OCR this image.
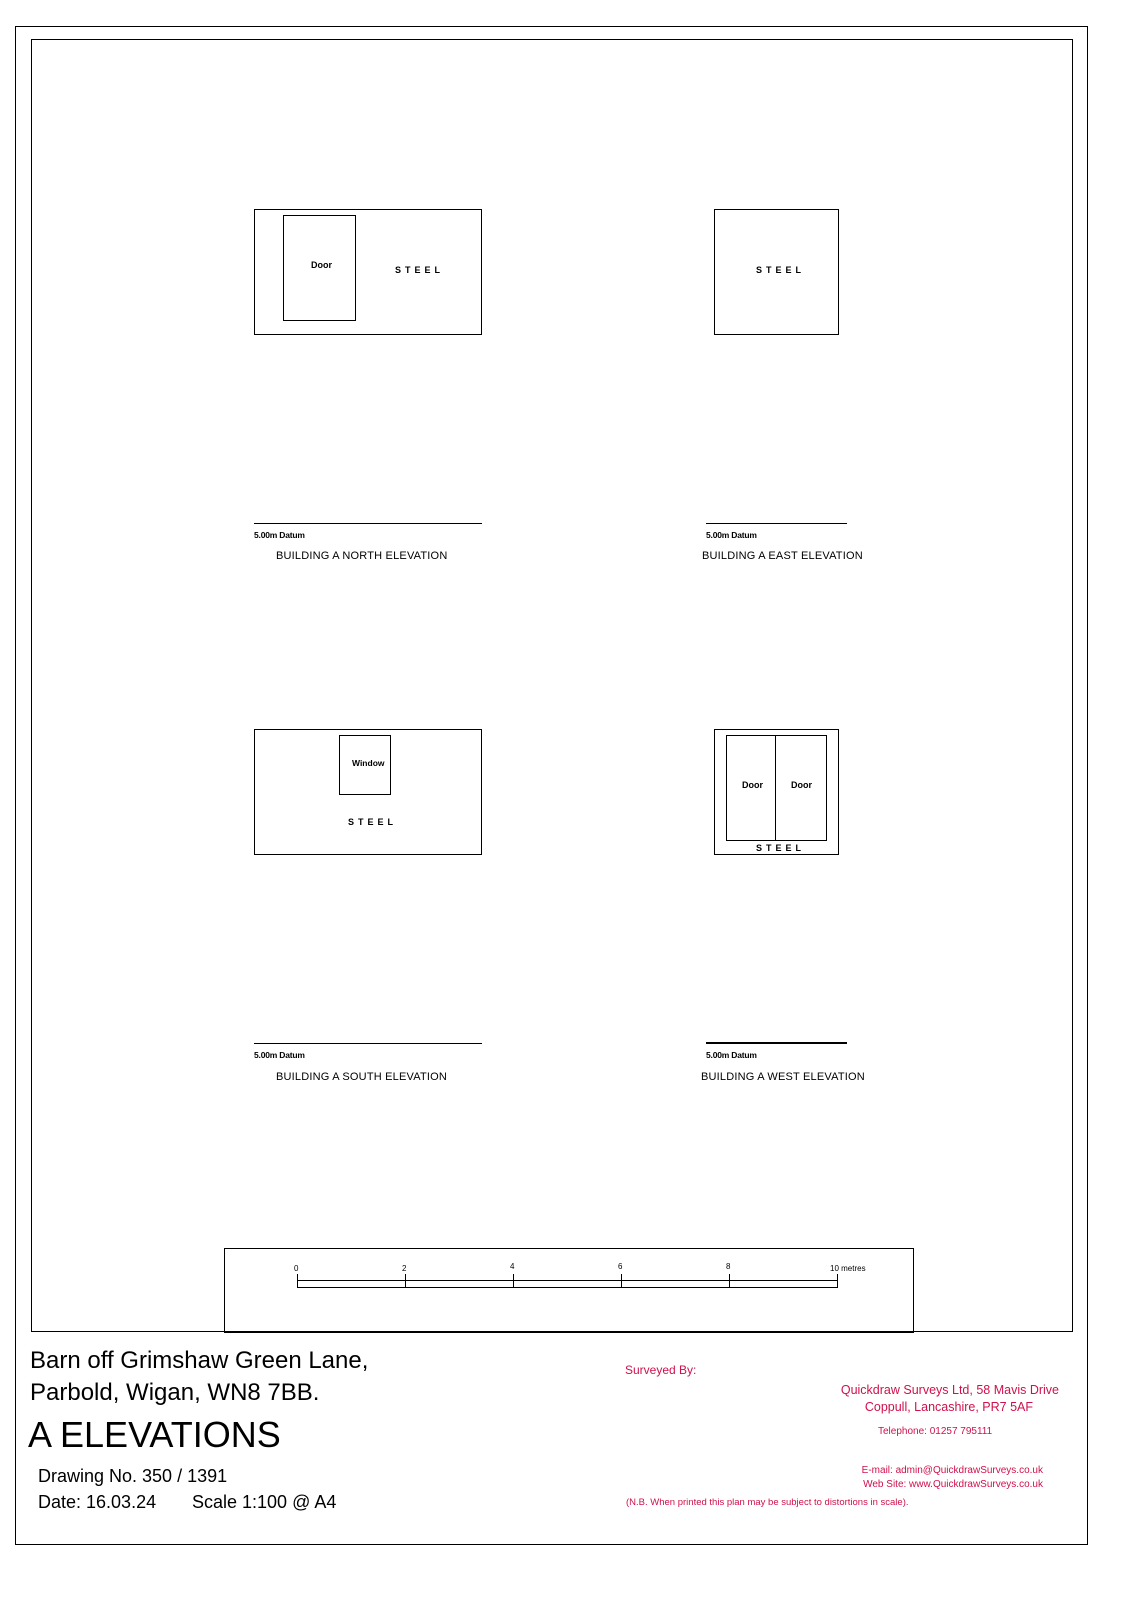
Door	STEEL
5.00m Datum
BUILDING A NORTH ELEVATION
STEEL
5.00m Datum
BUILDING A EAST ELEVATION
Window
STEEL
5.00m Datum
BUILDING A SOUTH ELEVATION
Door	Door
STEEL
5.00m Datum
BUILDING A WEST ELEVATION
0	2	4	6	8	10 metres
Barn off Grimshaw Green Lane,
Parbold, Wigan, WN8 7BB.
A ELEVATIONS
Drawing No. 350 / 1391
Date: 16.03.24 Scale 1:100 @ A4
Surveyed By:
Quickdraw Surveys Ltd, 58 Mavis Drive
Coppull, Lancashire, PR7 5AF
Telephone: 01257 795111
E-mail: admin@QuickdrawSurveys.co.uk
Web Site: www.QuickdrawSurveys.co.uk
(N.B. When printed this plan may be subject to distortions in scale).
